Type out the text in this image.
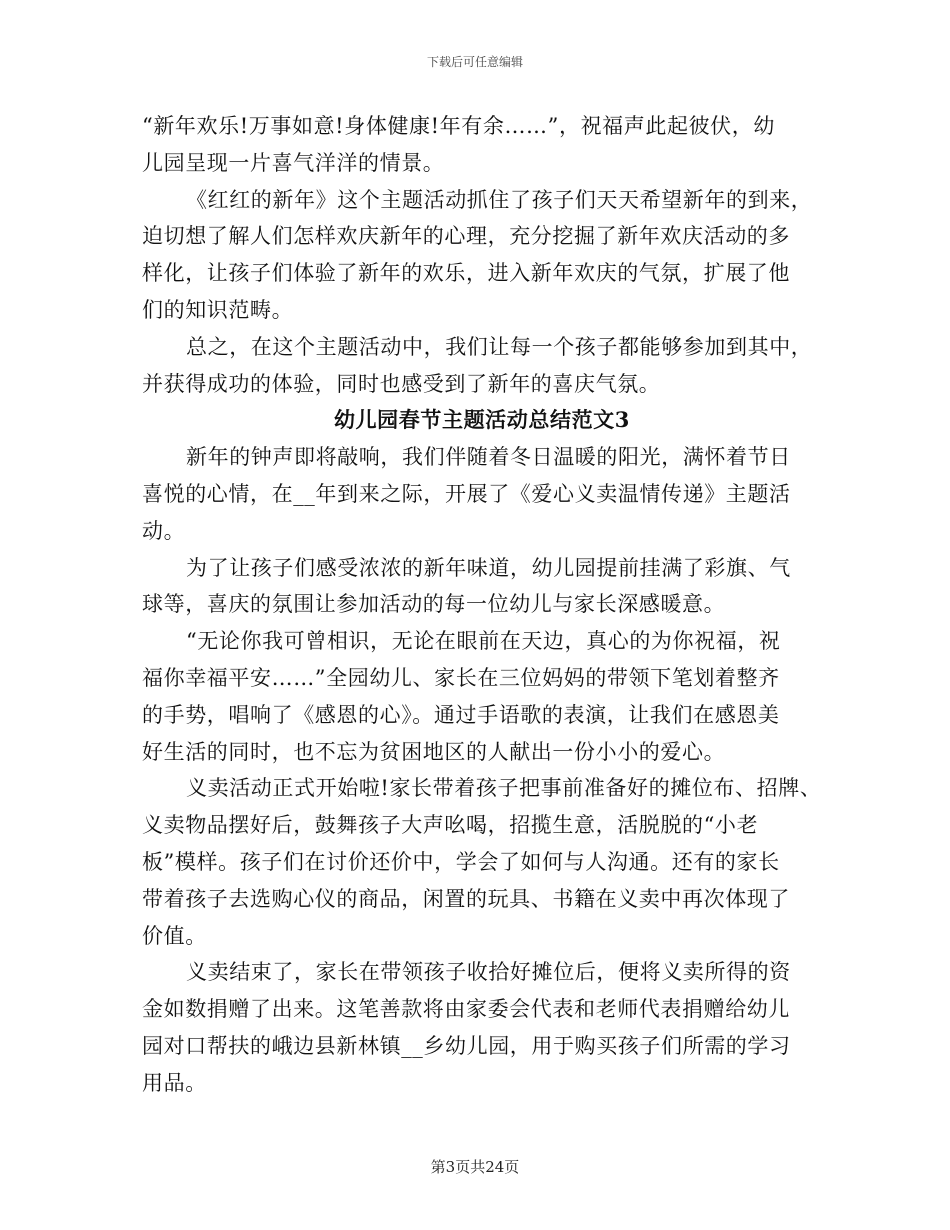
下载后可任意编辑
“新年欢乐!万事如意!身体健康!年有余……”，祝福声此起彼伏，幼
儿园呈现一片喜气洋洋的情景。
《红红的新年》这个主题活动抓住了孩子们天天希望新年的到来，
迫切想了解人们怎样欢庆新年的心理，充分挖掘了新年欢庆活动的多
样化，让孩子们体验了新年的欢乐，进入新年欢庆的气氛，扩展了他
们的知识范畴。
总之，在这个主题活动中，我们让每一个孩子都能够参加到其中，
并获得成功的体验，同时也感受到了新年的喜庆气氛。
幼儿园春节主题活动总结范文3
新年的钟声即将敲响，我们伴随着冬日温暖的阳光，满怀着节日
喜悦的心情，在__年到来之际，开展了《爱心义卖温情传递》主题活
动。
为了让孩子们感受浓浓的新年味道，幼儿园提前挂满了彩旗、气
球等，喜庆的氛围让参加活动的每一位幼儿与家长深感暖意。
“无论你我可曾相识，无论在眼前在天边，真心的为你祝福，祝
福你幸福平安……”全园幼儿、家长在三位妈妈的带领下笔划着整齐
的手势，唱响了《感恩的心》。通过手语歌的表演，让我们在感恩美
好生活的同时，也不忘为贫困地区的人献出一份小小的爱心。
义卖活动正式开始啦!家长带着孩子把事前准备好的摊位布、招牌、
义卖物品摆好后，鼓舞孩子大声吆喝，招揽生意，活脱脱的“小老
板”模样。孩子们在讨价还价中，学会了如何与人沟通。还有的家长
带着孩子去选购心仪的商品，闲置的玩具、书籍在义卖中再次体现了
价值。
义卖结束了，家长在带领孩子收拾好摊位后，便将义卖所得的资
金如数捐赠了出来。这笔善款将由家委会代表和老师代表捐赠给幼儿
园对口帮扶的峨边县新林镇__乡幼儿园，用于购买孩子们所需的学习
用品。
第3页共24页
